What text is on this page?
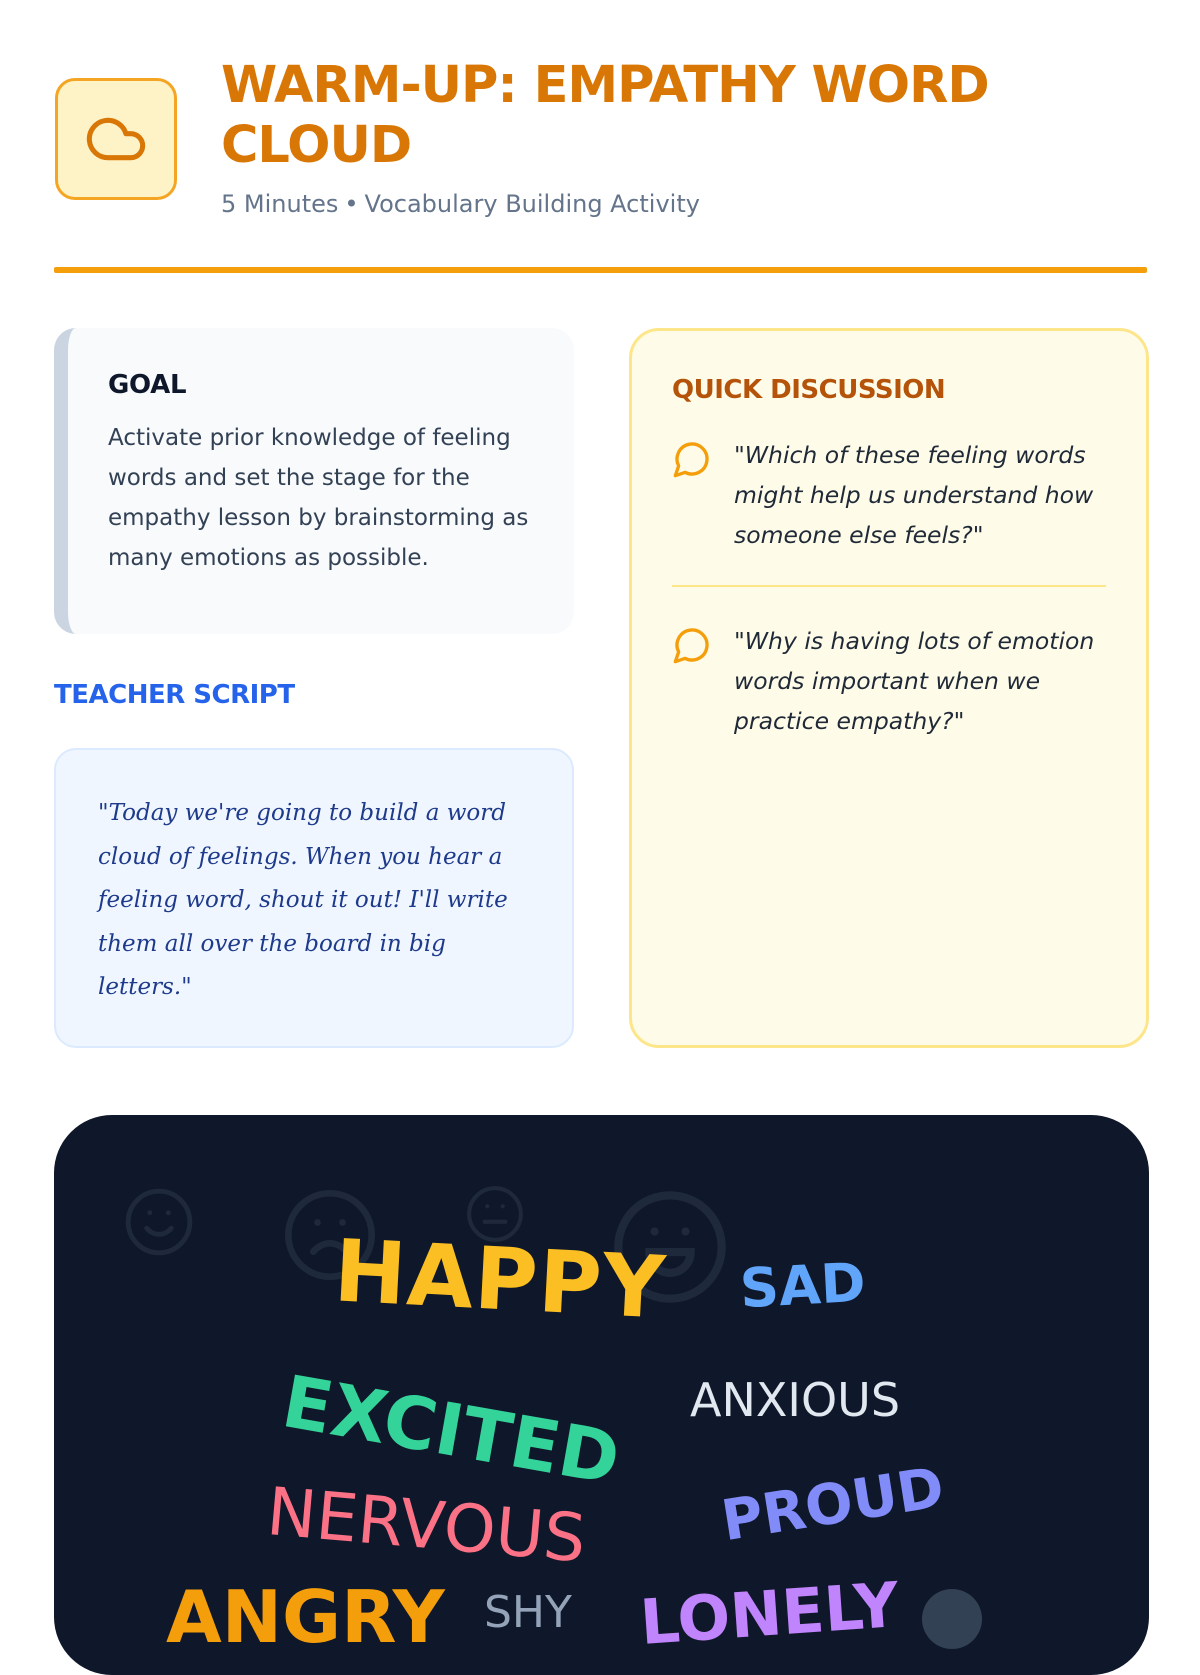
WARM-UP: EMPATHY WORD CLOUD
5 Minutes • Vocabulary Building Activity
GOAL

Activate prior knowledge of feeling words and set the stage for the empathy lesson by brainstorming as many emotions as possible.

TEACHER SCRIPT

"Today we're going to build a word cloud of feelings. When you hear a feeling word, shout it out! I'll write them all over the board in big letters."

QUICK DISCUSSION

"Which of these feeling words might help us understand how someone else feels?"

"Why is having lots of emotion words important when we practice empathy?"

HAPPY SAD
EXCITED ANXIOUS
NERVOUS PROUD
ANGRY SHY LONELY
